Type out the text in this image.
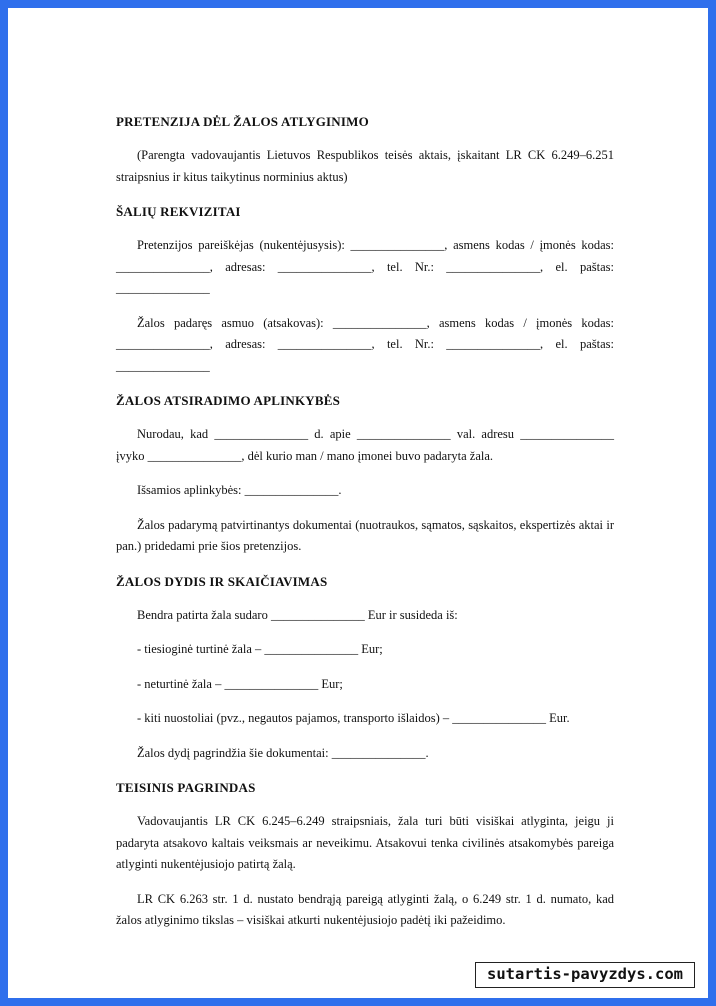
PRETENZIJA DĖL ŽALOS ATLYGINIMO

(Parengta vadovaujantis Lietuvos Respublikos teisės aktais, įskaitant LR CK 6.249–6.251 straipsnius ir kitus taikytinus norminius aktus)

ŠALIŲ REKVIZITAI

Pretenzijos pareiškėjas (nukentėjusysis): _______________, asmens kodas / įmonės kodas: _______________, adresas: _______________, tel. Nr.: _______________, el. paštas: _______________

Žalos padaręs asmuo (atsakovas): _______________, asmens kodas / įmonės kodas: _______________, adresas: _______________, tel. Nr.: _______________, el. paštas: _______________

ŽALOS ATSIRADIMO APLINKYBĖS

Nurodau, kad _______________ d. apie _______________ val. adresu _______________ įvyko _______________, dėl kurio man / mano įmonei buvo padaryta žala.

Išsamios aplinkybės: _______________.

Žalos padarymą patvirtinantys dokumentai (nuotraukos, sąmatos, sąskaitos, ekspertizės aktai ir pan.) pridedami prie šios pretenzijos.

ŽALOS DYDIS IR SKAIČIAVIMAS

Bendra patirta žala sudaro _______________ Eur ir susideda iš:

- tiesioginė turtinė žala – _______________ Eur;

- neturtinė žala – _______________ Eur;

- kiti nuostoliai (pvz., negautos pajamos, transporto išlaidos) – _______________ Eur.

Žalos dydį pagrindžia šie dokumentai: _______________.

TEISINIS PAGRINDAS

Vadovaujantis LR CK 6.245–6.249 straipsniais, žala turi būti visiškai atlyginta, jeigu ji padaryta atsakovo kaltais veiksmais ar neveikimu. Atsakovui tenka civilinės atsakomybės pareiga atlyginti nukentėjusiojo patirtą žalą.

LR CK 6.263 str. 1 d. nustato bendrąją pareigą atlyginti žalą, o 6.249 str. 1 d. numato, kad žalos atlyginimo tikslas – visiškai atkurti nukentėjusiojo padėtį iki pažeidimo.

sutartis-pavyzdys.com
